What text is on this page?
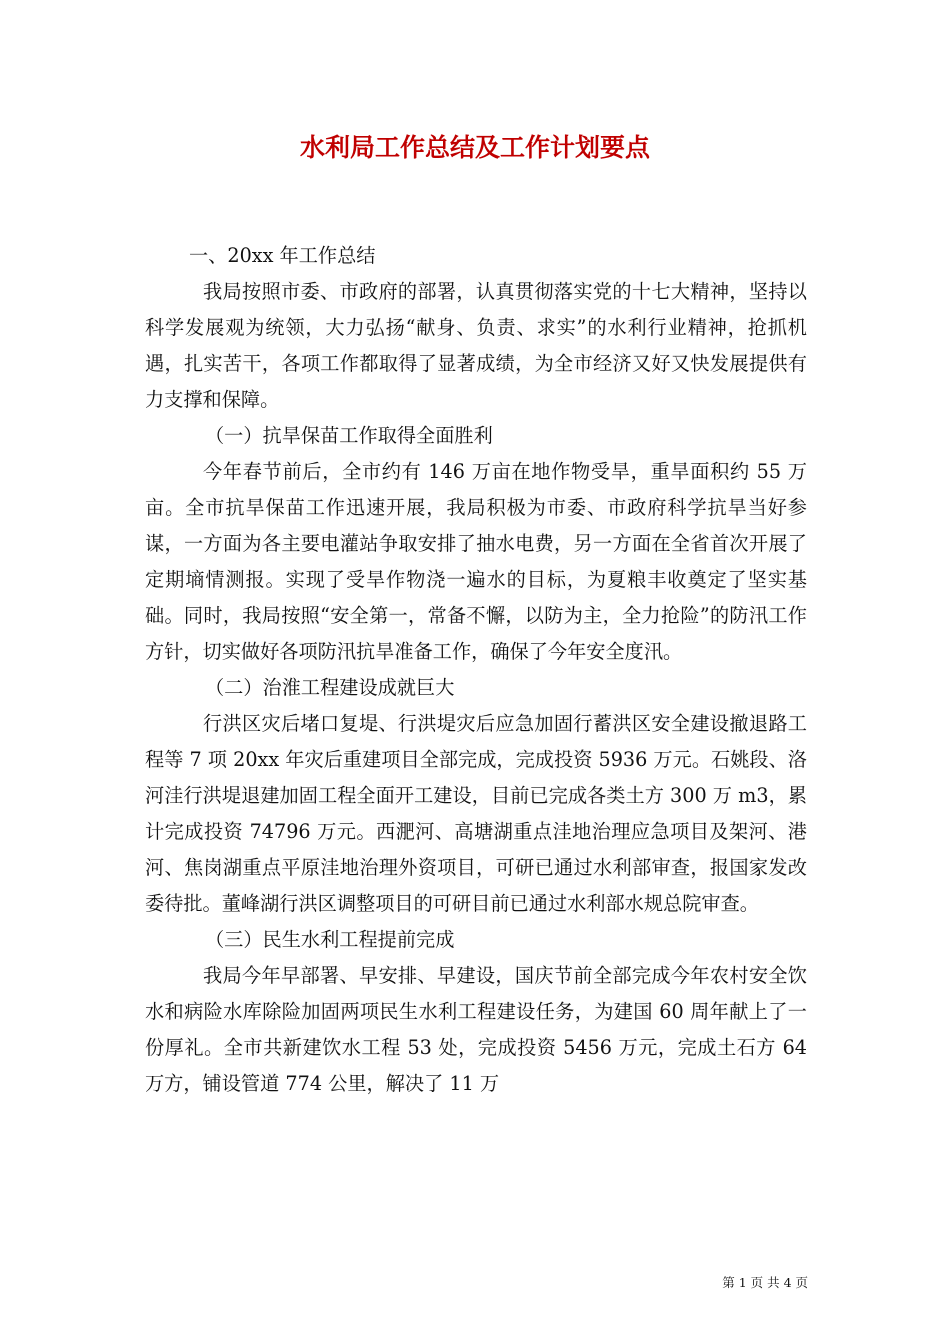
水利局工作总结及工作计划要点

一、20xx 年工作总结

我局按照市委、市政府的部署，认真贯彻落实党的十七大精神，坚持以科学发展观为统领，大力弘扬“献身、负责、求实”的水利行业精神，抢抓机遇，扎实苦干，各项工作都取得了显著成绩，为全市经济又好又快发展提供有力支撑和保障。

（一）抗旱保苗工作取得全面胜利

今年春节前后，全市约有 146 万亩在地作物受旱，重旱面积约 55 万亩。全市抗旱保苗工作迅速开展，我局积极为市委、市政府科学抗旱当好参谋，一方面为各主要电灌站争取安排了抽水电费，另一方面在全省首次开展了定期墒情测报。实现了受旱作物浇一遍水的目标，为夏粮丰收奠定了坚实基础。同时，我局按照“安全第一，常备不懈，以防为主，全力抢险”的防汛工作方针，切实做好各项防汛抗旱准备工作，确保了今年安全度汛。

（二）治淮工程建设成就巨大

行洪区灾后堵口复堤、行洪堤灾后应急加固行蓄洪区安全建设撤退路工程等 7 项 20xx 年灾后重建项目全部完成，完成投资 5936 万元。石姚段、洛河洼行洪堤退建加固工程全面开工建设，目前已完成各类土方 300 万 m3，累计完成投资 74796 万元。西淝河、高塘湖重点洼地治理应急项目及架河、港河、焦岗湖重点平原洼地治理外资项目，可研已通过水利部审查，报国家发改委待批。董峰湖行洪区调整项目的可研目前已通过水利部水规总院审查。

（三）民生水利工程提前完成

我局今年早部署、早安排、早建设，国庆节前全部完成今年农村安全饮水和病险水库除险加固两项民生水利工程建设任务，为建国 60 周年献上了一份厚礼。全市共新建饮水工程 53 处，完成投资 5456 万元，完成土石方 64 万方，铺设管道 774 公里，解决了 11 万

第 1 页 共 4 页
